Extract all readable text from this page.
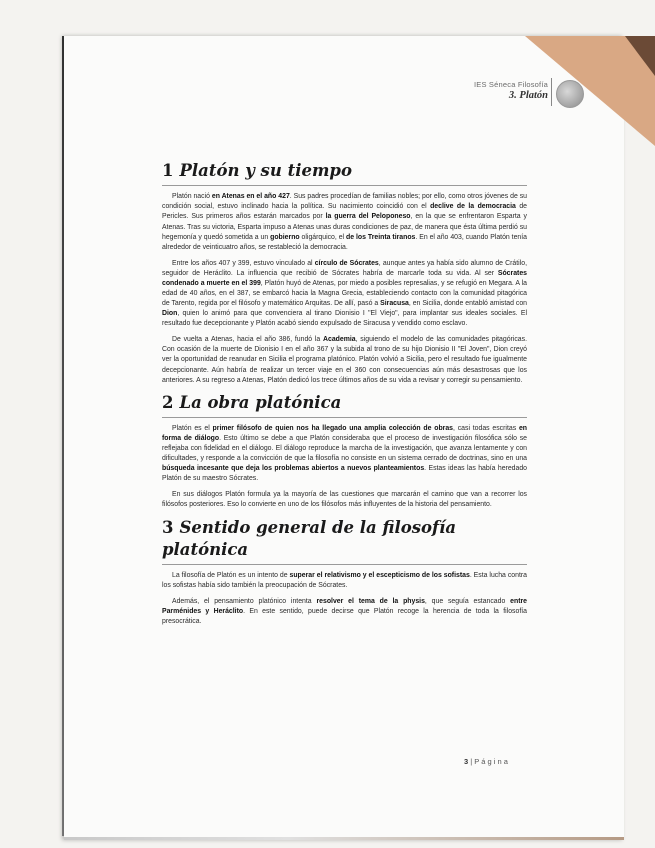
IES Séneca Filosofía
3. Platón
1 Platón y su tiempo

Platón nació en Atenas en el año 427. Sus padres procedían de familias nobles; por ello, como otros jóvenes de su condición social, estuvo inclinado hacia la política. Su nacimiento coincidió con el declive de la democracia de Pericles. Sus primeros años estarán marcados por la guerra del Peloponeso, en la que se enfrentaron Esparta y Atenas. Tras su victoria, Esparta impuso a Atenas unas duras condiciones de paz, de manera que ésta última perdió su hegemonía y quedó sometida a un gobierno oligárquico, el de los Treinta tiranos. En el año 403, cuando Platón tenía alrededor de veinticuatro años, se restableció la democracia.

Entre los años 407 y 399, estuvo vinculado al círculo de Sócrates, aunque antes ya había sido alumno de Crátilo, seguidor de Heráclito. La influencia que recibió de Sócrates habría de marcarle toda su vida. Al ser Sócrates condenado a muerte en el 399, Platón huyó de Atenas, por miedo a posibles represalias, y se refugió en Megara. A la edad de 40 años, en el 387, se embarcó hacia la Magna Grecia, estableciendo contacto con la comunidad pitagórica de Tarento, regida por el filósofo y matemático Arquitas. De allí, pasó a Siracusa, en Sicilia, donde entabló amistad con Dion, quien lo animó para que convenciera al tirano Dionisio I "El Viejo", para implantar sus ideales sociales. El resultado fue decepcionante y Platón acabó siendo expulsado de Siracusa y vendido como esclavo.

De vuelta a Atenas, hacia el año 386, fundó la Academia, siguiendo el modelo de las comunidades pitagóricas. Con ocasión de la muerte de Dionisio I en el año 367 y la subida al trono de su hijo Dionisio II "El Joven", Dion creyó ver la oportunidad de reanudar en Sicilia el programa platónico. Platón volvió a Sicilia, pero el resultado fue igualmente decepcionante. Aún habría de realizar un tercer viaje en el 360 con consecuencias aún más desastrosas que los anteriores. A su regreso a Atenas, Platón dedicó los trece últimos años de su vida a revisar y corregir su pensamiento.

2 La obra platónica

Platón es el primer filósofo de quien nos ha llegado una amplia colección de obras, casi todas escritas en forma de diálogo. Esto último se debe a que Platón consideraba que el proceso de investigación filosófica sólo se reflejaba con fidelidad en el diálogo. El diálogo reproduce la marcha de la investigación, que avanza lentamente y con dificultades, y responde a la convicción de que la filosofía no consiste en un sistema cerrado de doctrinas, sino en una búsqueda incesante que deja los problemas abiertos a nuevos planteamientos. Estas ideas las había heredado Platón de su maestro Sócrates.

En sus diálogos Platón formula ya la mayoría de las cuestiones que marcarán el camino que van a recorrer los filósofos posteriores. Eso lo convierte en uno de los filósofos más influyentes de la historia del pensamiento.

3 Sentido general de la filosofía platónica

La filosofía de Platón es un intento de superar el relativismo y el escepticismo de los sofistas. Esta lucha contra los sofistas había sido también la preocupación de Sócrates.

Además, el pensamiento platónico intenta resolver el tema de la physis, que seguía estancado entre Parménides y Heráclito. En este sentido, puede decirse que Platón recoge la herencia de toda la filosofía presocrática.

3 | P á g i n a
